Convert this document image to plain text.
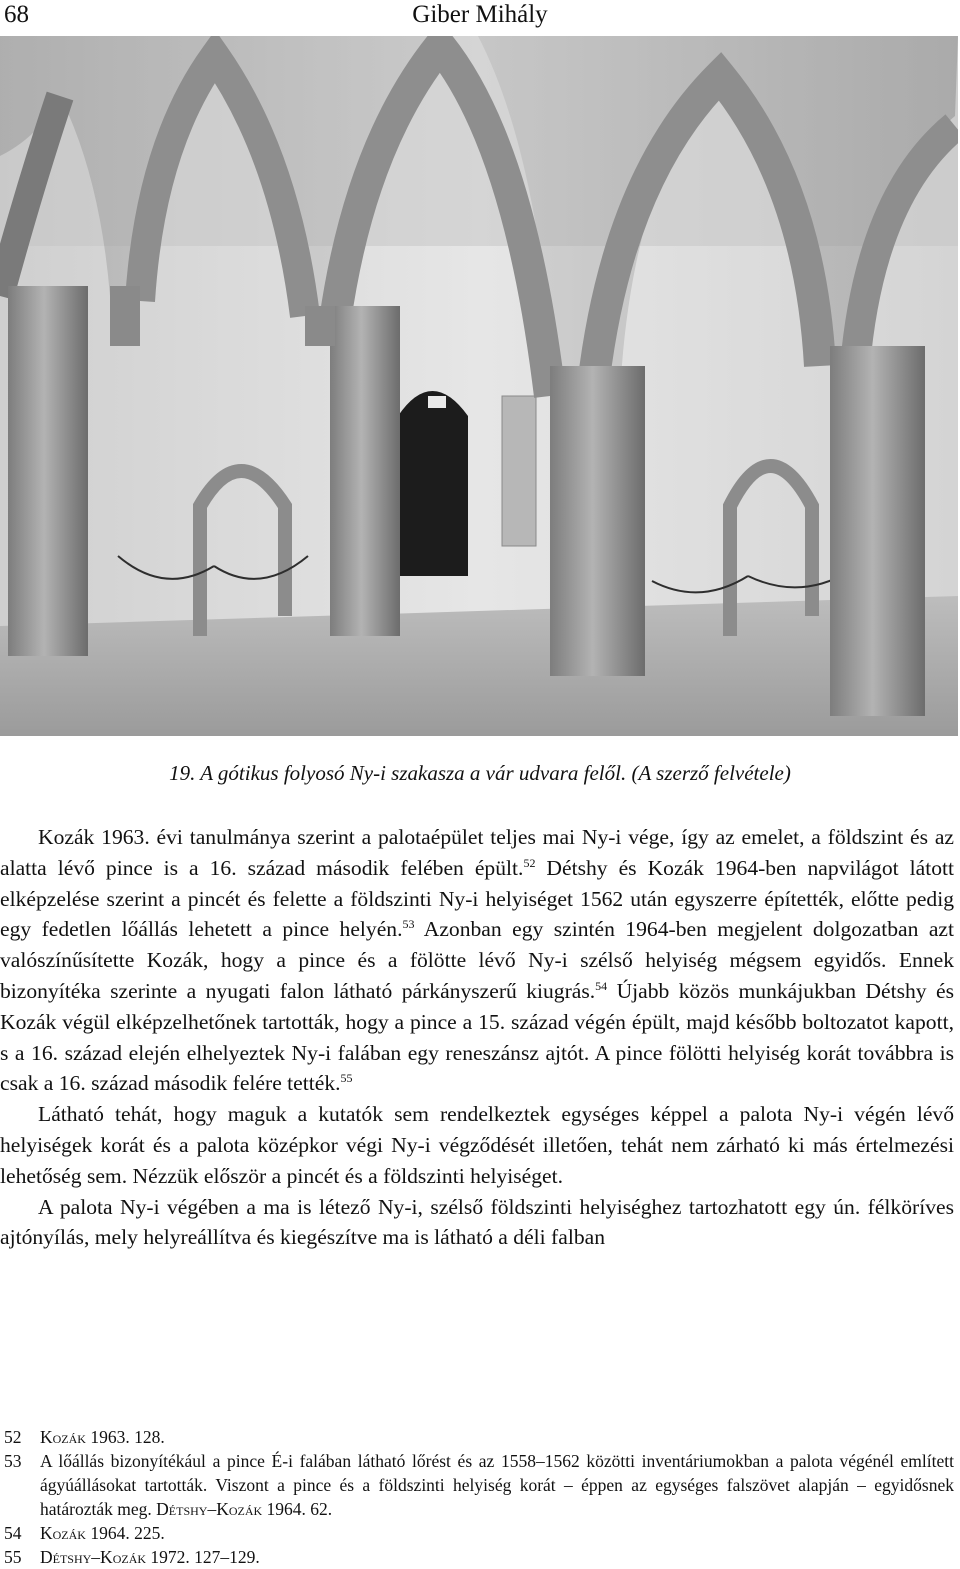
68	Giber Mihály
19. A gótikus folyosó Ny-i szakasza a vár udvara felől. (A szerző felvétele)

Kozák 1963. évi tanulmánya szerint a palotaépület teljes mai Ny-i vége, így az emelet, a földszint és az alatta lévő pince is a 16. század második felében épült.$^{52}$ Détshy és Kozák 1964-ben napvilágot látott elképzelése szerint a pincét és felette a földszinti Ny-i helyiséget 1562 után egyszerre építették, előtte pedig egy fedetlen lőállás lehetett a pince helyén.$^{53}$ Azonban egy szintén 1964-ben megjelent dolgozatban azt valószínűsítette Kozák, hogy a pince és a fölötte lévő Ny-i szélső helyiség mégsem egyidős. Ennek bizonyítéka szerinte a nyugati falon látható párkányszerű kiugrás.$^{54}$ Újabb közös munkájukban Détshy és Kozák végül elképzelhetőnek tartották, hogy a pince a 15. század végén épült, majd később boltozatot kapott, s a 16. század elején elhelyeztek Ny-i falában egy reneszánsz ajtót. A pince fölötti helyiség korát továbbra is csak a 16. század második felére tették.$^{55}$

Látható tehát, hogy maguk a kutatók sem rendelkeztek egységes képpel a palota Ny-i végén lévő helyiségek korát és a palota középkor végi Ny-i végződését illetően, tehát nem zárható ki más értelmezési lehetőség sem. Nézzük először a pincét és a földszinti helyiséget.

A palota Ny-i végében a ma is létező Ny-i, szélső földszinti helyiséghez tartozhatott egy ún. félköríves ajtónyílás, mely helyreállítva és kiegészítve ma is látható a déli falban

52 Kozák 1963. 128.
53 A lőállás bizonyítékául a pince É-i falában látható lőrést és az 1558–1562 közötti inventáriumokban a palota végénél említett ágyúállásokat tartották. Viszont a pince és a földszinti helyiség korát – éppen az egységes falszövet alapján – egyidősnek határozták meg. Détshy–Kozák 1964. 62.
54 Kozák 1964. 225.
55 Détshy–Kozák 1972. 127–129.
